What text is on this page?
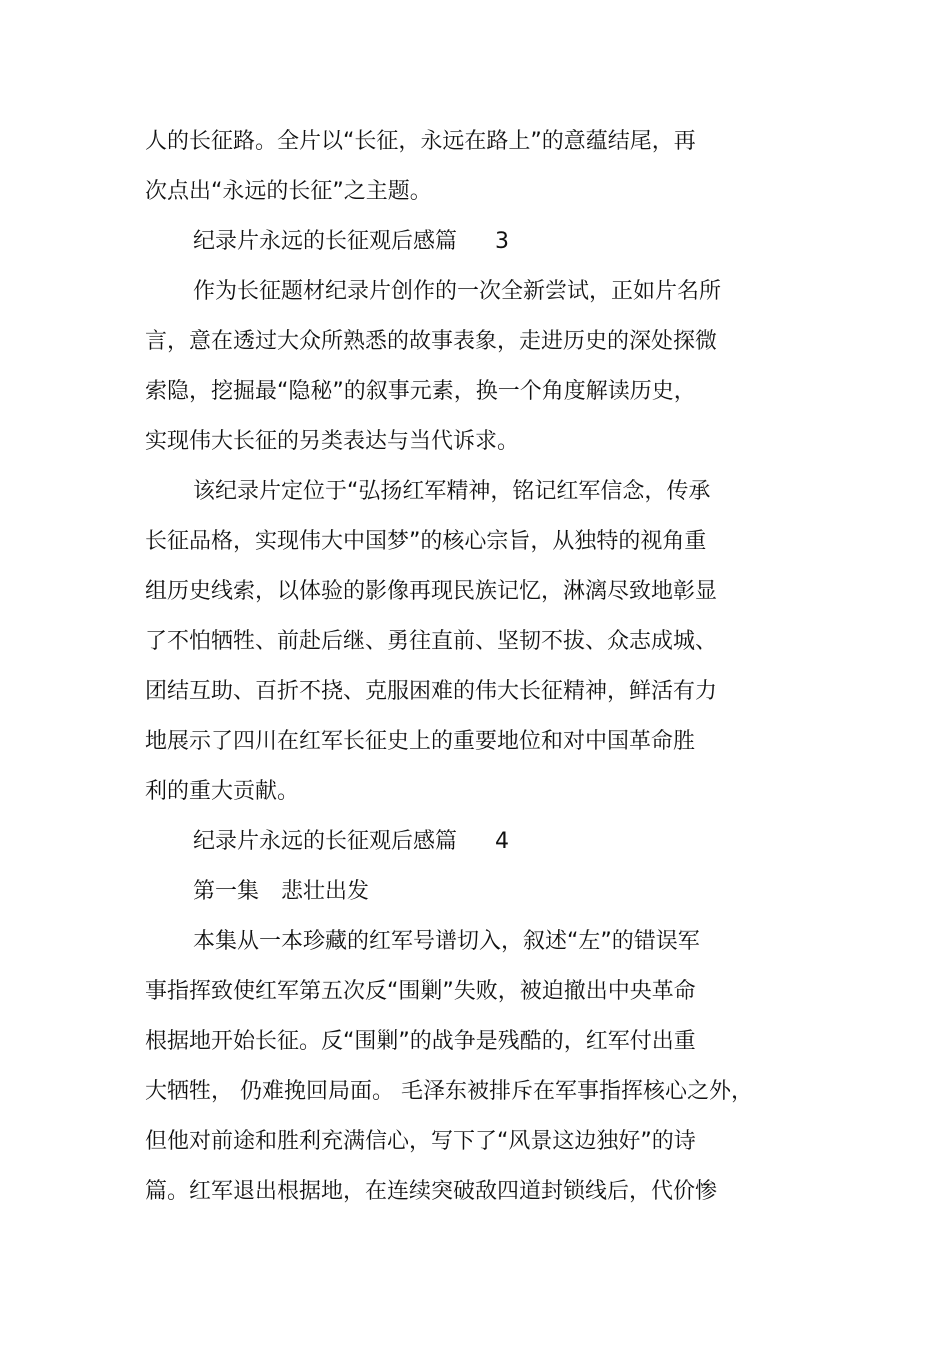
人的长征路。全片以“长征，永远在路上”的意蕴结尾，再
次点出“永远的长征”之主题。
纪录片永远的长征观后感篇 3
作为长征题材纪录片创作的一次全新尝试，正如片名所
言，意在透过大众所熟悉的故事表象，走进历史的深处探微
索隐，挖掘最“隐秘”的叙事元素，换一个角度解读历史，
实现伟大长征的另类表达与当代诉求。
该纪录片定位于“弘扬红军精神，铭记红军信念，传承
长征品格，实现伟大中国梦”的核心宗旨，从独特的视角重
组历史线索，以体验的影像再现民族记忆，淋漓尽致地彰显
了不怕牺牲、前赴后继、勇往直前、坚韧不拔、众志成城、
团结互助、百折不挠、克服困难的伟大长征精神，鲜活有力
地展示了四川在红军长征史上的重要地位和对中国革命胜
利的重大贡献。
纪录片永远的长征观后感篇 4
第一集　悲壮出发
本集从一本珍藏的红军号谱切入，叙述“左”的错误军
事指挥致使红军第五次反“围剿”失败，被迫撤出中央革命
根据地开始长征。反“围剿”的战争是残酷的，红军付出重
大牺牲， 仍难挽回局面。 毛泽东被排斥在军事指挥核心之外，
但他对前途和胜利充满信心，写下了“风景这边独好”的诗
篇。红军退出根据地，在连续突破敌四道封锁线后，代价惨
